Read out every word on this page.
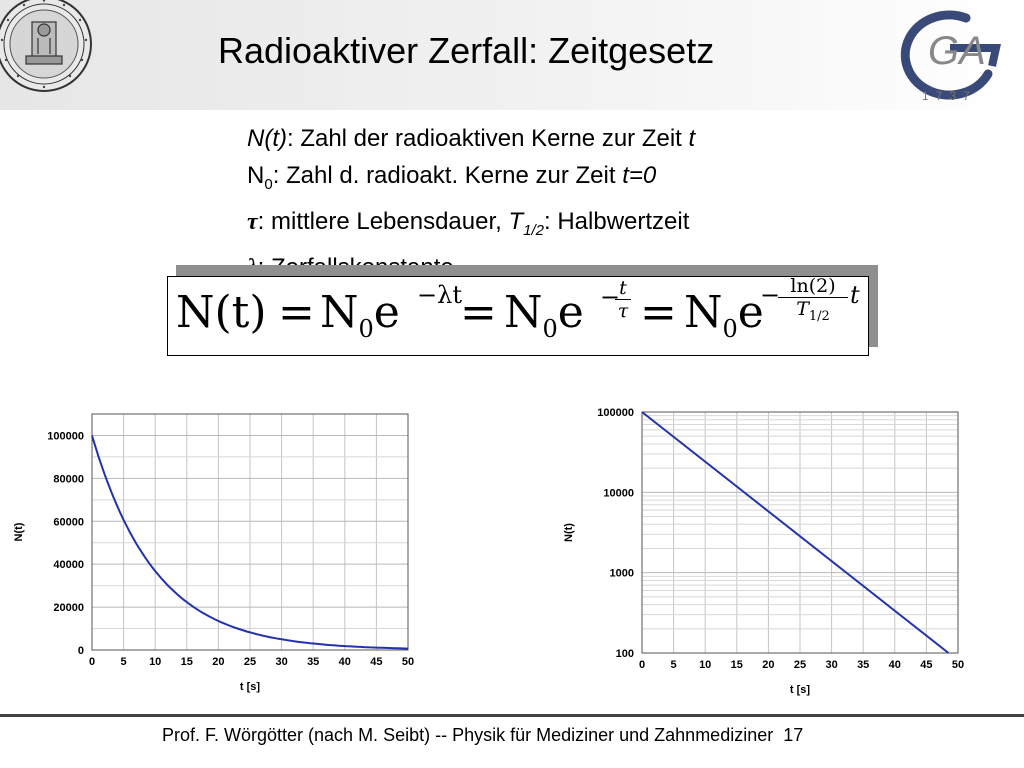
Radioaktiver Zerfall: Zeitgesetz	GA
1737
N(t): Zahl der radioaktiven Kerne zur Zeit t
$N_0$: Zahl d. radioakt. Kerne zur Zeit t=0
τ: mittlere Lebensdauer, $T_{1/2}$: Halbwertzeit
$N(t) = N_0e -\lambda t$
= $N_0e$ −
$\frac{t}{\tau} = N_0e$
−
$\frac{\ln(2)}{T_{1/2}}$ t
0 5 10 15 20 25 30 35 40 45 50
0
20000
40000
60000
80000
100000
t [s]
N(t)
0 5 10 15 20 25 30 35 40 45 50
100
1000
10000
100000
t [s]
N(t)
Prof. F. Wörgötter (nach M. Seibt) -- Physik für Mediziner und Zahnmediziner 17
